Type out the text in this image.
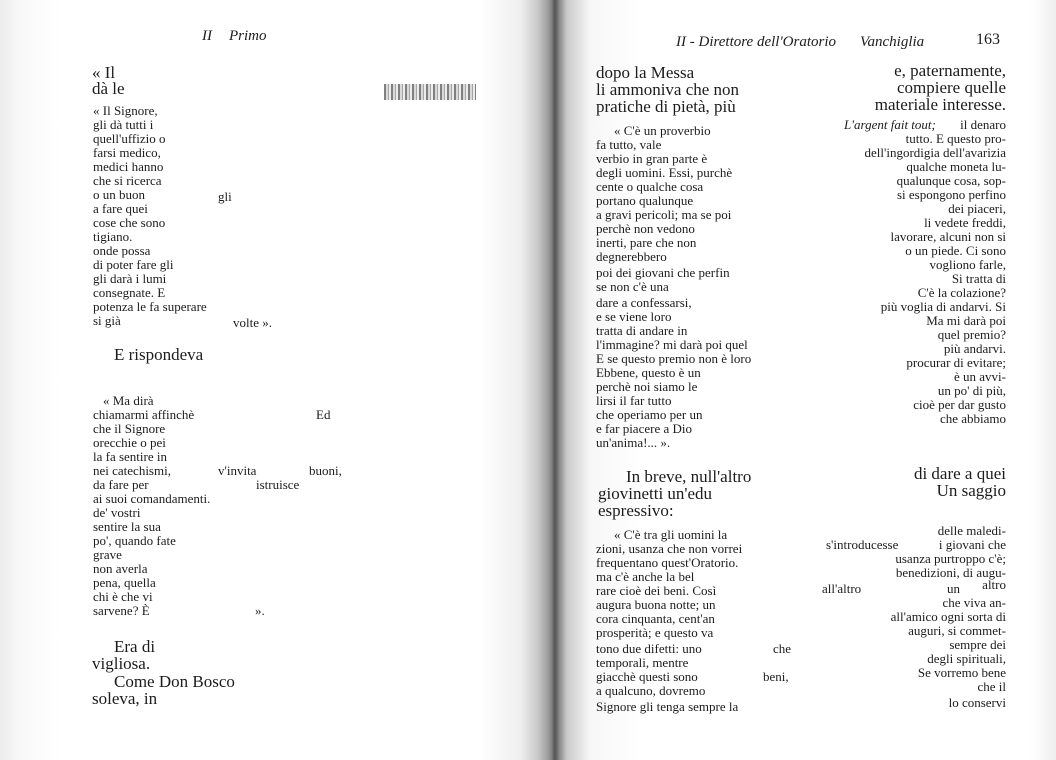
II Primo
« Il
dà le
« Il Signore,
gli dà tutti i
quell'uffizio o
farsi medico,
medici hanno
che si ricerca
o un buon	gli
a fare quei
cose che sono
tigiano.
onde possa
di poter fare gli
gli darà i lumi
consegnate. E
potenza le fa superare
si già	volte ».
E rispondeva
« Ma dirà
chiamarmi affinchè
che il Signore
orecchie o pei
la fa sentire in
nei catechismi,	v'invita	buoni,
da fare per	istruisce
ai suoi comandamenti.
de' vostri
sentire la sua
po', quando fate
grave
non averla
pena, quella
chi è che vi
sarvene? È	».
Ed
Era di
vigliosa.
Come Don Bosco
soleva, in
II - Direttore dell'Oratorio Vanchiglia	163
dopo la Messa
li ammoniva che non
pratiche di pietà, più
« C'è un proverbio
fa tutto, vale
verbio in gran parte è
degli uomini. Essi, purchè
cente o qualche cosa
portano qualunque
a gravi pericoli; ma se poi
perchè non vedono
inerti, pare che non
degnerebbero
poi dei giovani che perfin
se non c'è una
dare a confessarsi,
e se viene loro
tratta di andare in
l'immagine? mi darà poi quel
E se questo premio non è loro
Ebbene, questo è un
perchè noi siamo le
lirsi il far tutto
che operiamo per un
e far piacere a Dio
un'anima!... ».
In breve, null'altro
giovinetti un'edu
espressivo:
« C'è tra gli uomini la
zioni, usanza che non vorrei
frequentano quest'Oratorio.
ma c'è anche la bel
rare cioè dei beni. Così
augura buona notte; un
cora cinquanta, cent'an
prosperità; e questo va
tono due difetti: uno	che
temporali, mentre
giacchè questi sono	beni,
a qualcuno, dovremo
Signore gli tenga sempre la
e, paternamente,
compiere quelle
materiale interesse.
il denaro
tutto. E questo pro-
dell'ingordigia dell'avarizia
qualche moneta lu-
qualunque cosa, sop-
si espongono perfino
dei piaceri,
li vedete freddi,
lavorare, alcuni non si
o un piede. Ci sono
vogliono farle,
Si tratta di
C'è la colazione?
più voglia di andarvi. Si
Ma mi darà poi
quel premio?
più andarvi.
procurar di evitare;
è un avvi-
un po' di più,
cioè per dar gusto
che abbiamo
di dare a quei
Un saggio
delle maledi-
i giovani che
usanza purtroppo c'è;
benedizioni, di augu-
altro
un
che viva an-
all'amico ogni sorta di
auguri, si commet-
sempre dei
degli spirituali,
Se vorremo bene
che il
lo conservi
L'argent fait tout;
s'introducesse
all'altro
